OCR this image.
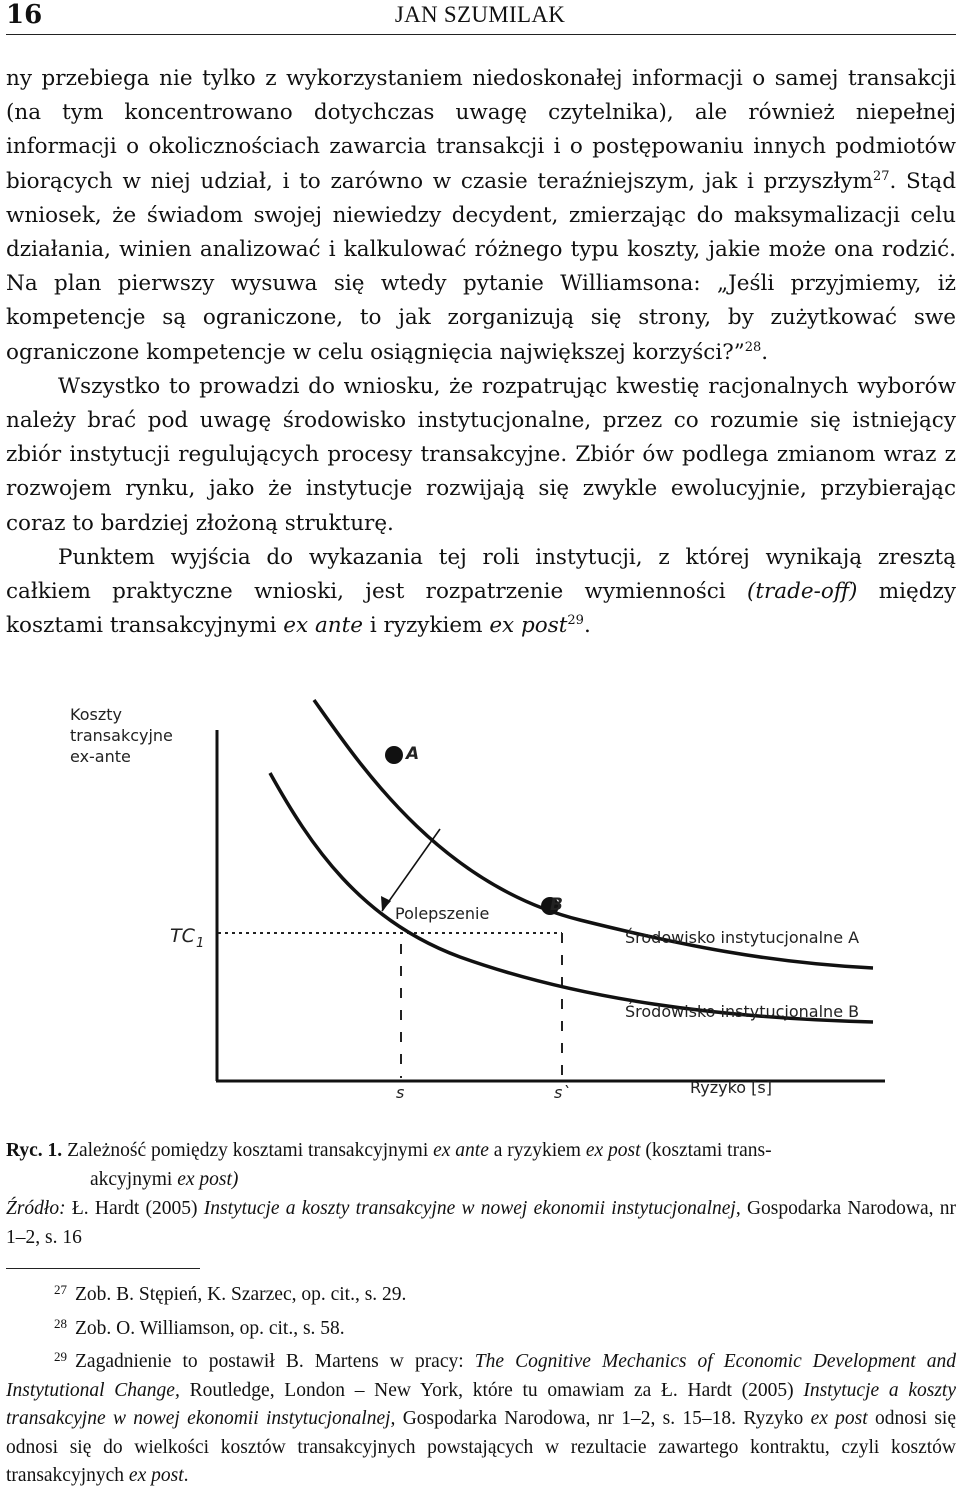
16	JAN SZUMILAK

ny przebiega nie tylko z wykorzystaniem niedoskonałej informacji o samej transakcji (na tym koncentrowano dotychczas uwagę czytelnika), ale również niepełnej informacji o okolicznościach zawarcia transakcji i o postępowaniu innych podmiotów biorących w niej udział, i to zarówno w czasie teraźniejszym, jak i przyszłym$^{27}$. Stąd wniosek, że świadom swojej niewiedzy decydent, zmierzając do maksymalizacji celu działania, winien analizować i kalkulować różnego typu koszty, jakie może ona rodzić. Na plan pierwszy wysuwa się wtedy pytanie Williamsona: „Jeśli przyjmiemy, iż kompetencje są ograniczone, to jak zorganizują się strony, by zużytkować swe ograniczone kompetencje w celu osiągnięcia największej korzyści?”$^{28}$.

Wszystko to prowadzi do wniosku, że rozpatrując kwestię racjonalnych wyborów należy brać pod uwagę środowisko instytucjonalne, przez co rozumie się istniejący zbiór instytucji regulujących procesy transakcyjne. Zbiór ów podlega zmianom wraz z rozwojem rynku, jako że instytucje rozwijają się zwykle ewolucyjnie, przybierając coraz to bardziej złożoną strukturę.

Punktem wyjścia do wykazania tej roli instytucji, z której wynikają zresztą całkiem praktyczne wnioski, jest rozpatrzenie wymienności (trade-off) między kosztami transakcyjnymi ex ante i ryzykiem ex post$^{29}$.

Koszty
transakcyjne
ex-ante
TC 1
A
B
Polepszenie
Środowisko instytucjonalne A
Środowisko instytucjonalne B
s	s`	Ryzyko [s]

Ryc. 1. Zależność pomiędzy kosztami transakcyjnymi ex ante a ryzykiem ex post (kosztami trans-
akcyjnymi ex post)

Źródło: Ł. Hardt (2005) Instytucje a koszty transakcyjne w nowej ekonomii instytucjonalnej, Gospodarka Narodowa, nr 1–2, s. 16

$^{27}$ Zob. B. Stępień, K. Szarzec, op. cit., s. 29.

$^{28}$ Zob. O. Williamson, op. cit., s. 58.

$^{29}$ Zagadnienie to postawił B. Martens w pracy: The Cognitive Mechanics of Economic Development and Instytutional Change, Routledge, London – New York, które tu omawiam za Ł. Hardt (2005) Instytucje a koszty transakcyjne w nowej ekonomii instytucjonalnej, Gospodarka Narodowa, nr 1–2, s. 15–18. Ryzyko ex post odnosi się odnosi się do wielkości kosztów transakcyjnych powstających w rezultacie zawartego kontraktu, czyli kosztów transakcyjnych ex post.
